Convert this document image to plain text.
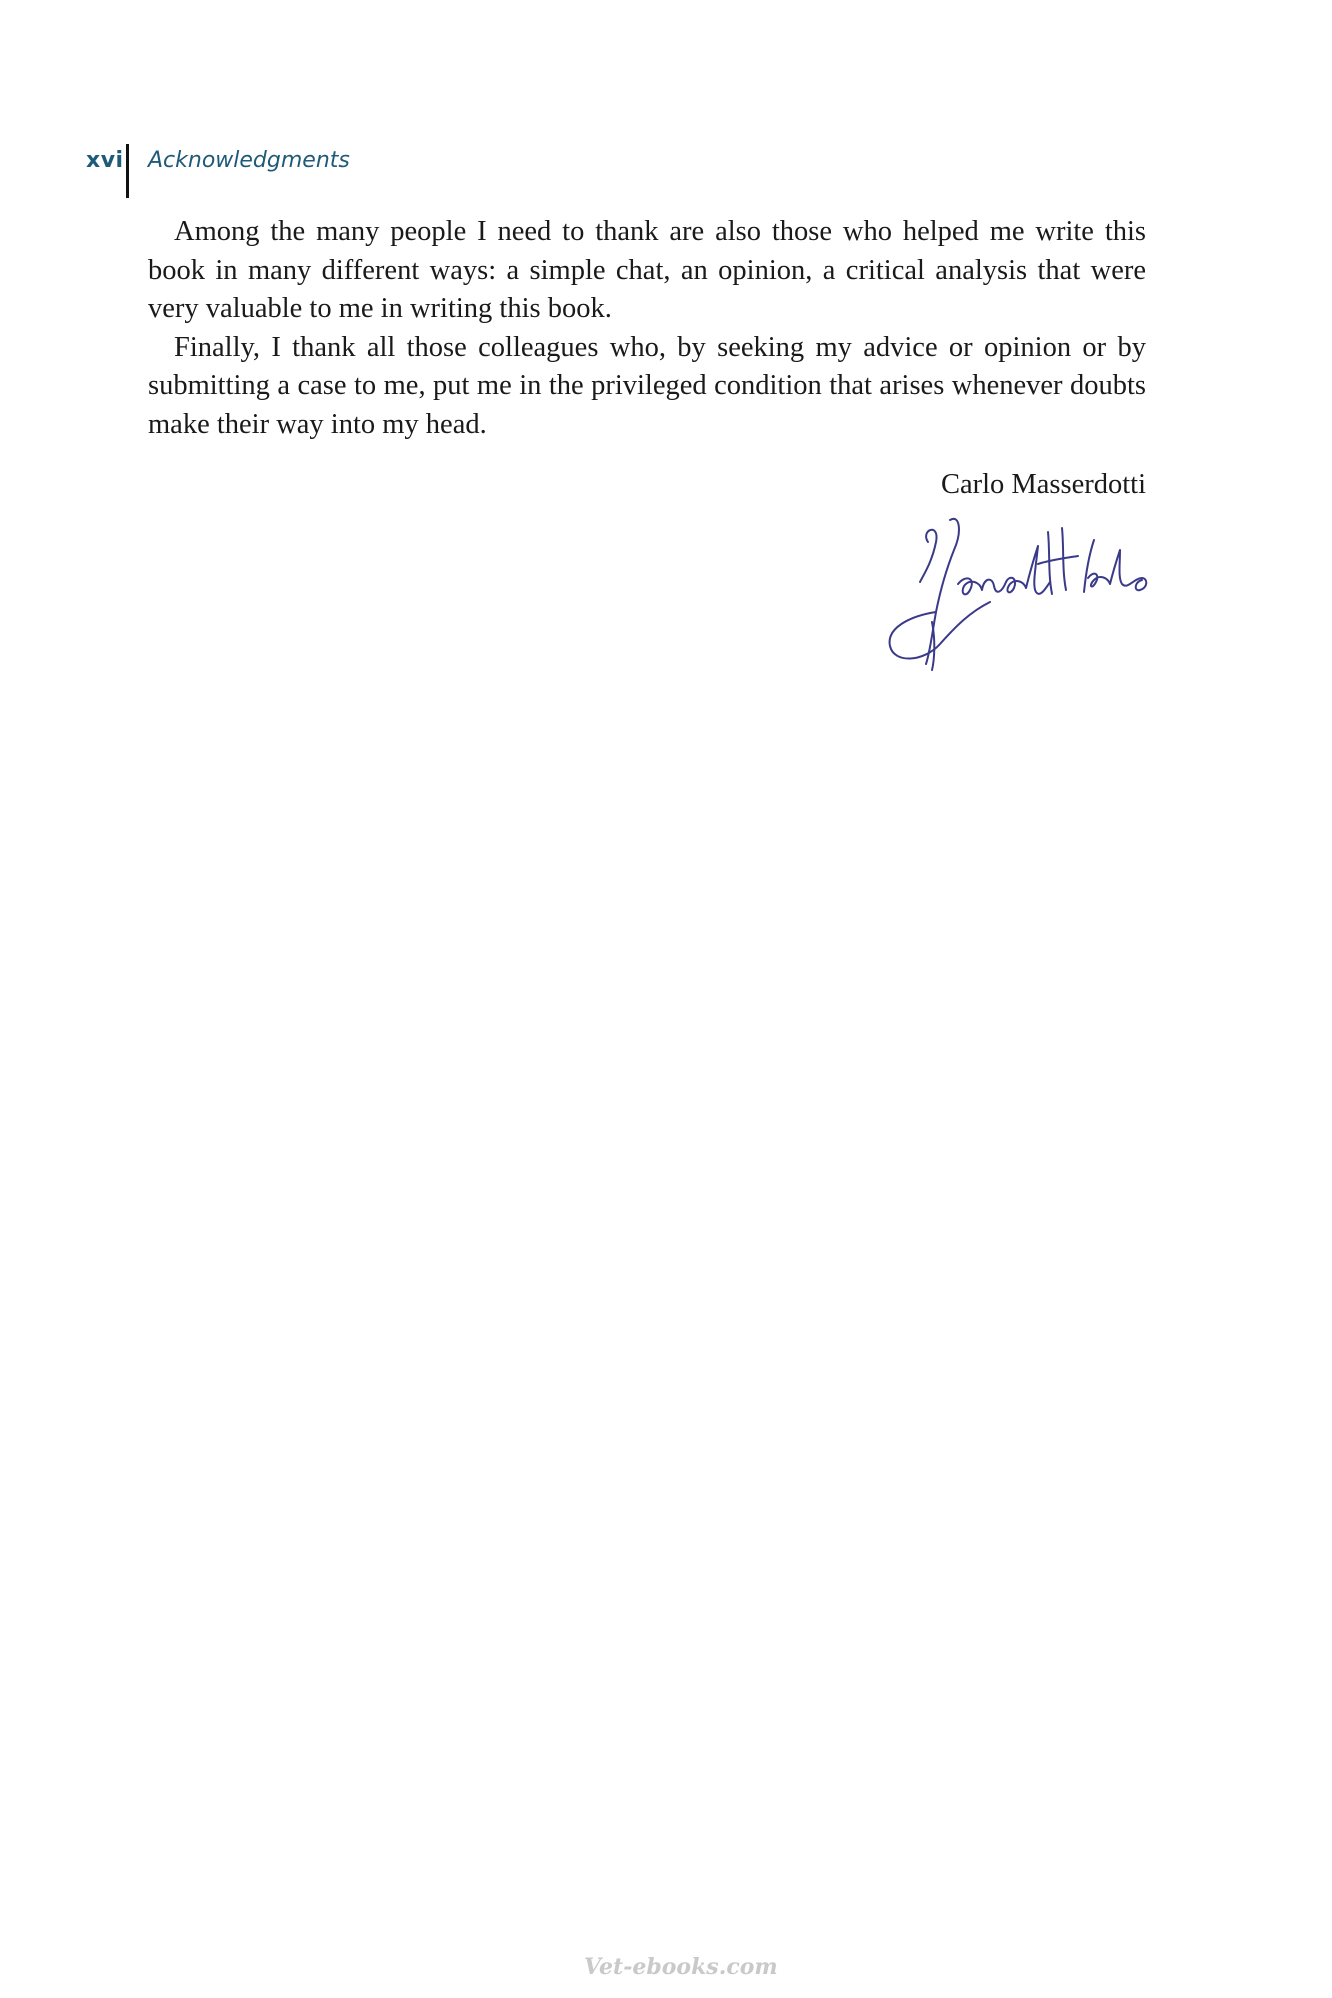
xvi Acknowledgments

Among the many people I need to thank are also those who helped me write this book in many different ways: a simple chat, an opinion, a critical analysis that were very valuable to me in writing this book.

Finally, I thank all those colleagues who, by seeking my advice or opinion or by submitting a case to me, put me in the privileged condition that arises whenever doubts make their way into my head.

Carlo Masserdotti
Vet-ebooks.com
